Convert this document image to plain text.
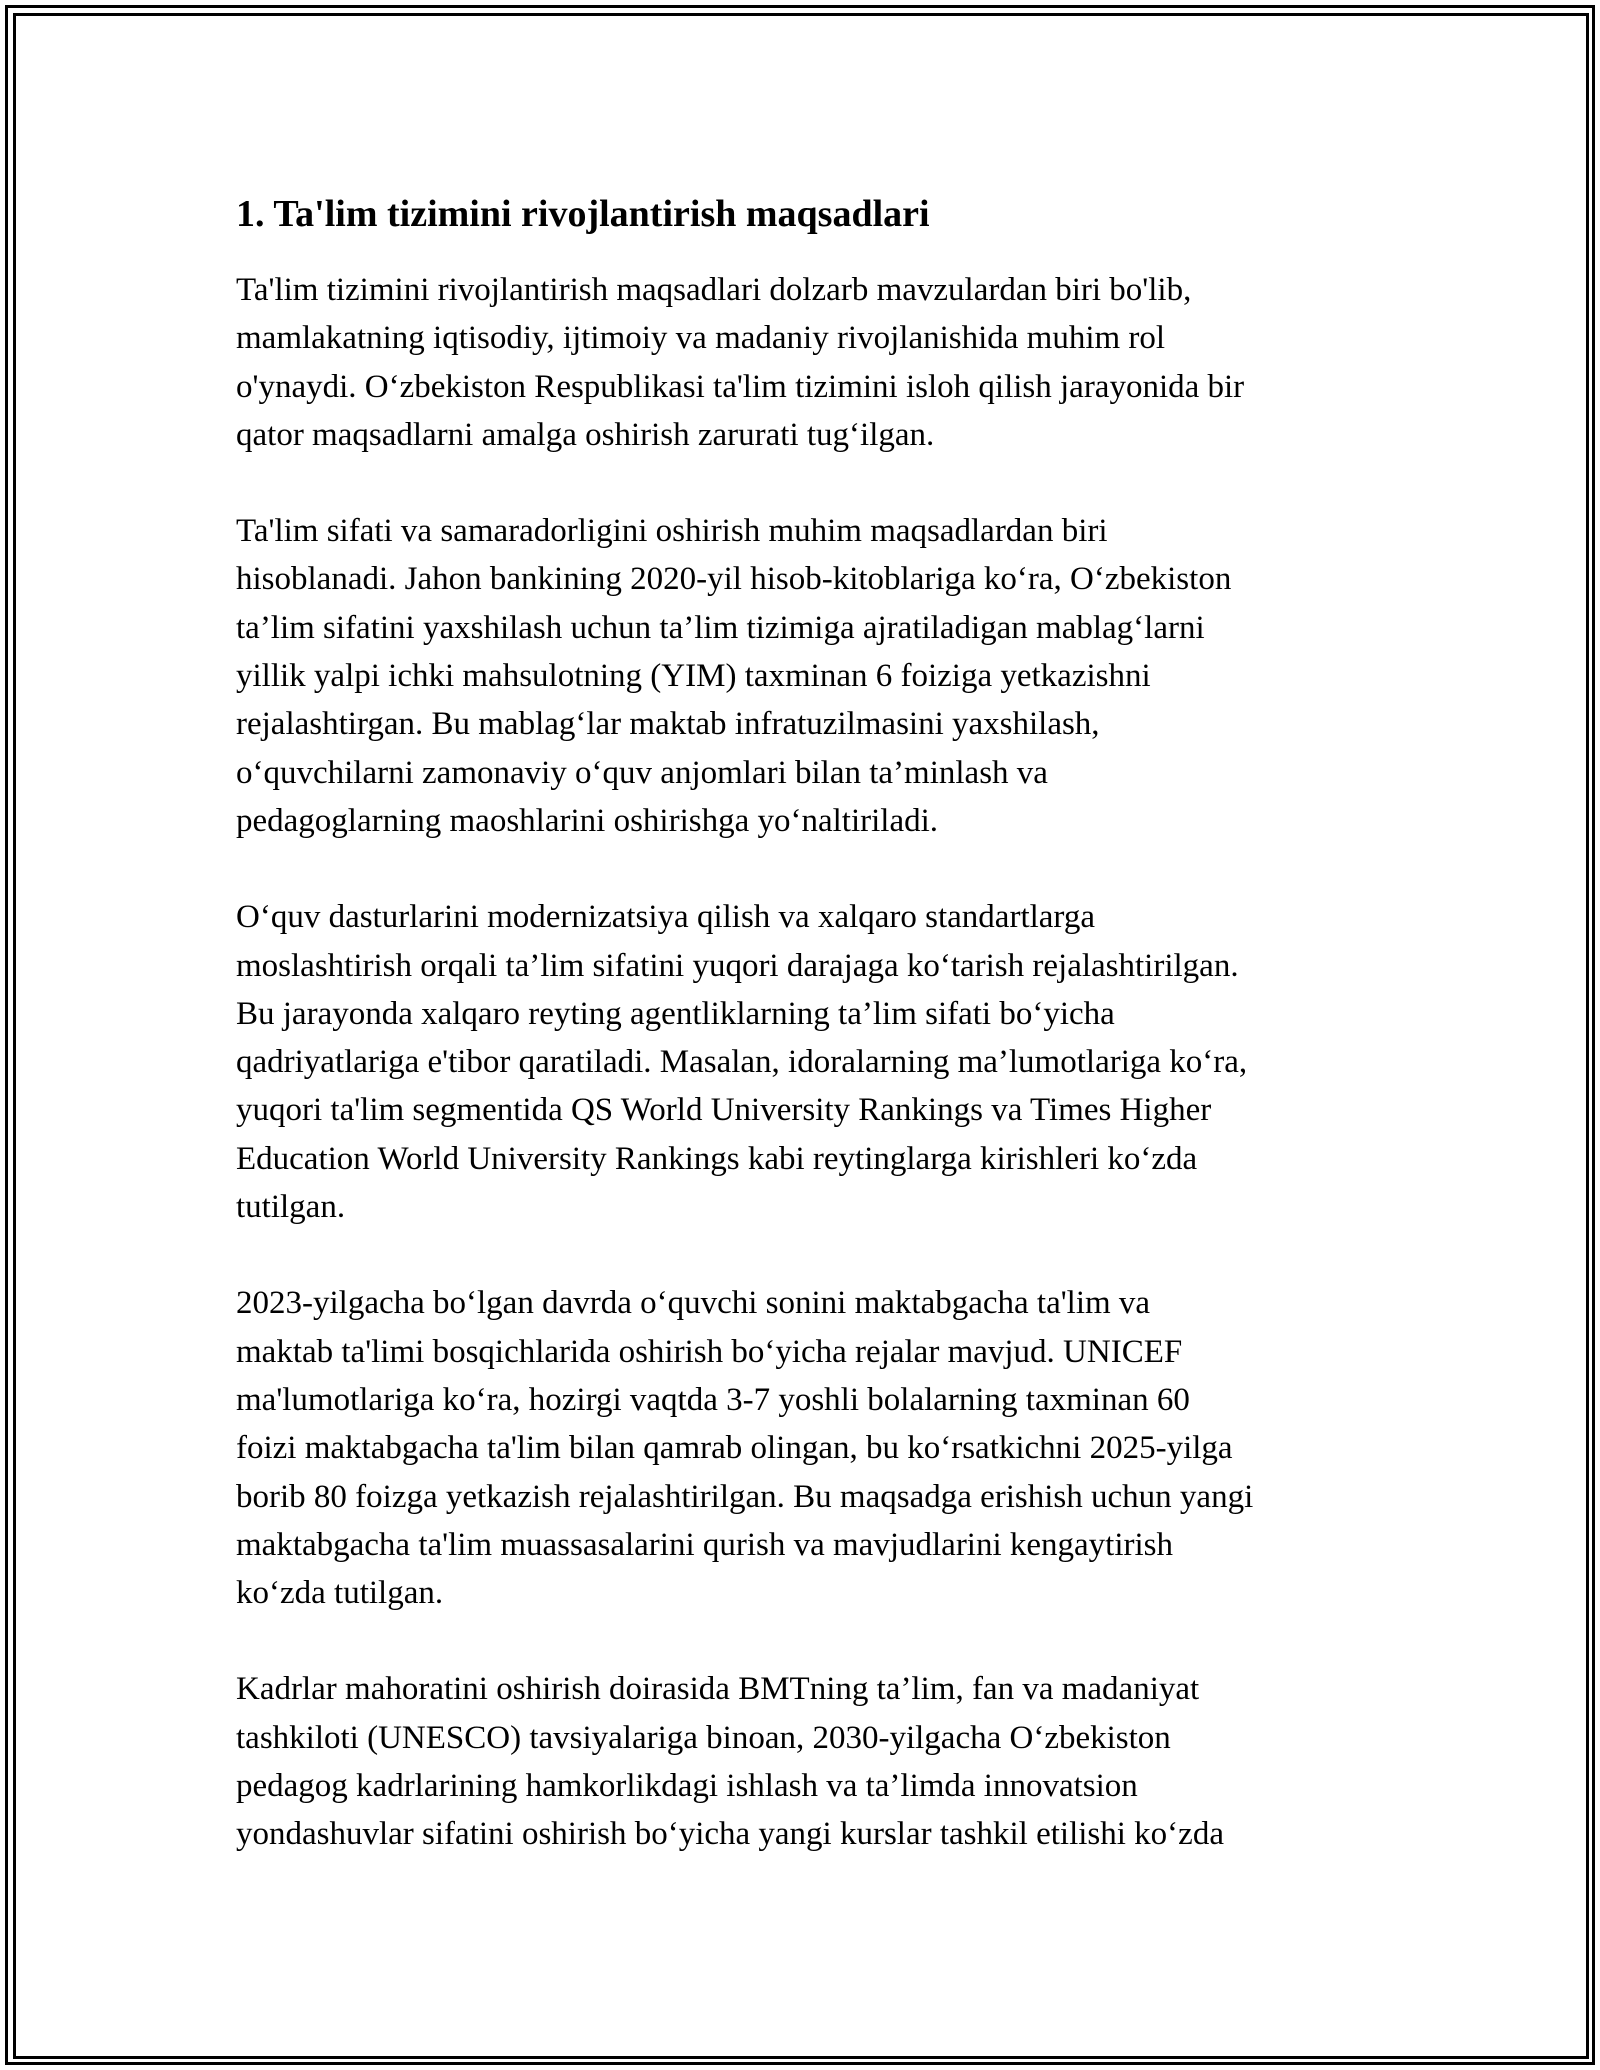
1. Ta'lim tizimini rivojlantirish maqsadlari

Ta'lim tizimini rivojlantirish maqsadlari dolzarb mavzulardan biri bo'lib,
mamlakatning iqtisodiy, ijtimoiy va madaniy rivojlanishida muhim rol
o'ynaydi. O‘zbekiston Respublikasi ta'lim tizimini isloh qilish jarayonida bir
qator maqsadlarni amalga oshirish zarurati tug‘ilgan.

Ta'lim sifati va samaradorligini oshirish muhim maqsadlardan biri
hisoblanadi. Jahon bankining 2020-yil hisob-kitoblariga ko‘ra, O‘zbekiston
ta’lim sifatini yaxshilash uchun ta’lim tizimiga ajratiladigan mablag‘larni
yillik yalpi ichki mahsulotning (YIM) taxminan 6 foiziga yetkazishni
rejalashtirgan. Bu mablag‘lar maktab infratuzilmasini yaxshilash,
o‘quvchilarni zamonaviy o‘quv anjomlari bilan ta’minlash va
pedagoglarning maoshlarini oshirishga yo‘naltiriladi.

O‘quv dasturlarini modernizatsiya qilish va xalqaro standartlarga
moslashtirish orqali ta’lim sifatini yuqori darajaga ko‘tarish rejalashtirilgan.
Bu jarayonda xalqaro reyting agentliklarning ta’lim sifati bo‘yicha
qadriyatlariga e'tibor qaratiladi. Masalan, idoralarning ma’lumotlariga ko‘ra,
yuqori ta'lim segmentida QS World University Rankings va Times Higher
Education World University Rankings kabi reytinglarga kirishleri ko‘zda
tutilgan.

2023-yilgacha bo‘lgan davrda o‘quvchi sonini maktabgacha ta'lim va
maktab ta'limi bosqichlarida oshirish bo‘yicha rejalar mavjud. UNICEF
ma'lumotlariga ko‘ra, hozirgi vaqtda 3-7 yoshli bolalarning taxminan 60
foizi maktabgacha ta'lim bilan qamrab olingan, bu ko‘rsatkichni 2025-yilga
borib 80 foizga yetkazish rejalashtirilgan. Bu maqsadga erishish uchun yangi
maktabgacha ta'lim muassasalarini qurish va mavjudlarini kengaytirish
ko‘zda tutilgan.

Kadrlar mahoratini oshirish doirasida BMTning ta’lim, fan va madaniyat
tashkiloti (UNESCO) tavsiyalariga binoan, 2030-yilgacha O‘zbekiston
pedagog kadrlarining hamkorlikdagi ishlash va ta’limda innovatsion
yondashuvlar sifatini oshirish bo‘yicha yangi kurslar tashkil etilishi ko‘zda
